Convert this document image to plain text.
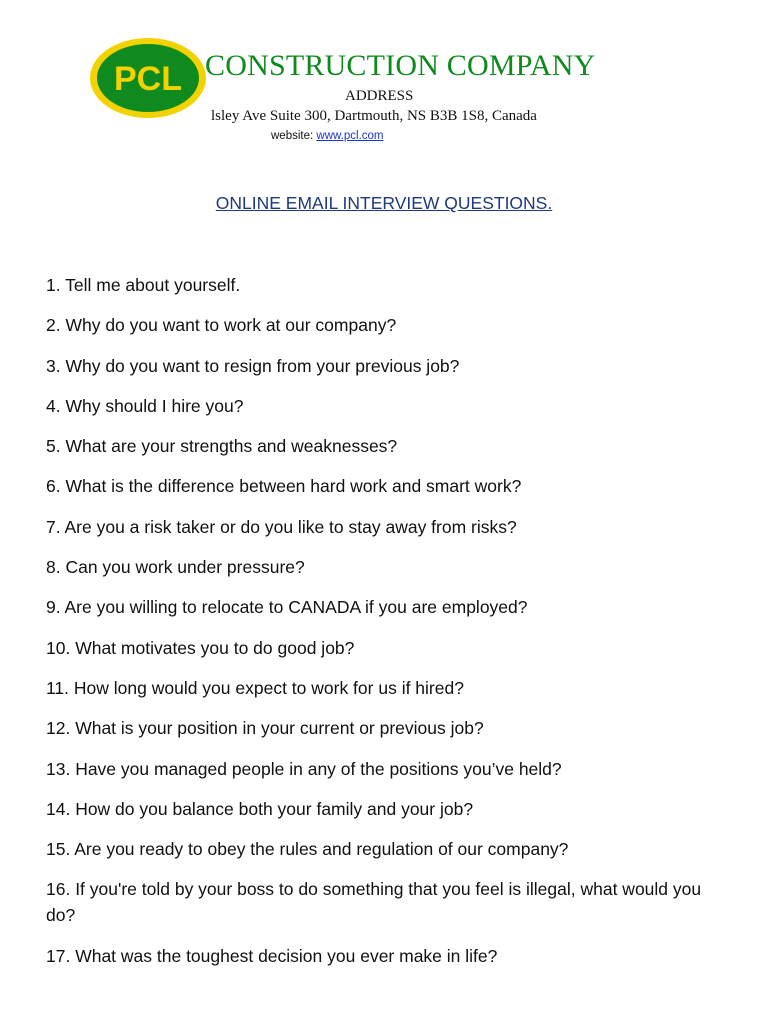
PCL CONSTRUCTION COMPANY
ADDRESS
lsley Ave Suite 300, Dartmouth, NS B3B 1S8, Canada
website: www.pcl.com
ONLINE EMAIL INTERVIEW QUESTIONS.
1. Tell me about yourself.
2. Why do you want to work at our company?
3. Why do you want to resign from your previous job?
4. Why should I hire you?
5. What are your strengths and weaknesses?
6. What is the difference between hard work and smart work?
7. Are you a risk taker or do you like to stay away from risks?
8. Can you work under pressure?
9. Are you willing to relocate to CANADA if you are employed?
10. What motivates you to do good job?
11. How long would you expect to work for us if hired?
12. What is your position in your current or previous job?
13. Have you managed people in any of the positions you’ve held?
14. How do you balance both your family and your job?
15. Are you ready to obey the rules and regulation of our company?
16. If you're told by your boss to do something that you feel is illegal, what would you do?
17. What was the toughest decision you ever make in life?
